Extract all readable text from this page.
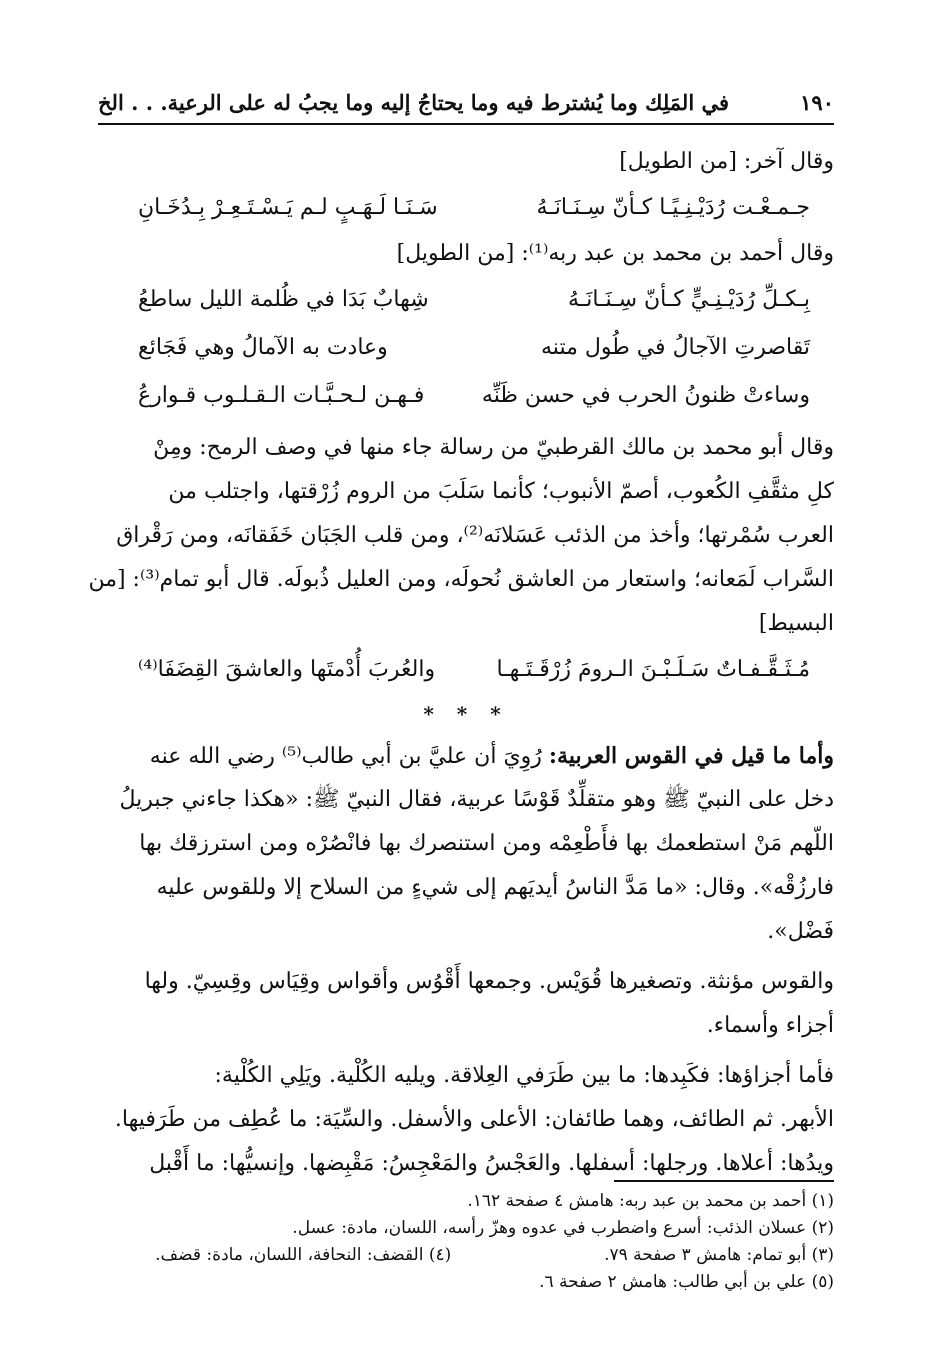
١٩٠
في المَلِك وما يُشترط فيه وما يحتاجُ إليه وما يجبُ له على الرعية. . . الخ

وقال آخر: [من الطويل]

جـمـعْـت رُدَيْـنِـيًـا كـأنّ سِـنَـانَـهُ
سَـنَـا لَـهَـبٍ لـم يَـسْـتَـعِـرْ بِـدُخَـانِ

وقال أحمد بن محمد بن عبد ربه⁽¹⁾: [من الطويل]

بِـكـلِّ رُدَيْـنِـيٍّ كـأنّ سِـنَـانَـهُ
شِهابٌ بَدَا في ظُلمة الليل ساطعُ
تَقاصرتِ الآجالُ في طُول متنه
وعادت به الآمالُ وهي فَجَائع
وساءتْ ظنونُ الحرب في حسن ظَنِّه
فـهـن لـحـبَّـات الـقـلـوب قـوارعُ

وقال أبو محمد بن مالك القرطبيّ من رسالة جاء منها في وصف الرمح: ومِنْ

كلِ مثقَّفِ الكُعوب، أصمّ الأنبوب؛ كأنما سَلَبَ من الروم زُرْقتها، واجتلب من

العرب سُمْرتها؛ وأخذ من الذئب عَسَلانَه⁽²⁾، ومن قلب الجَبَان خَفَقانَه، ومن رَقْراق

السَّراب لَمَعانه؛ واستعار من العاشق نُحولَه، ومن العليل ذُبولَه. قال أبو تمام⁽³⁾: [من

البسيط]

مُـثَـقَّـفـاتٌ سَـلَـبْـنَ الـرومَ زُرْقَـتَـهـا
والعُربَ أُدْمتَها والعاشقَ القِضَفَا⁽⁴⁾
* * *

وأما ما قيل في القوس العربية: رُوِيَ أن عليَّ بن أبي طالب⁽⁵⁾ رضي الله عنه

دخل على النبيّ ﷺ وهو متقلِّدٌ قَوْسًا عربية، فقال النبيّ ﷺ: «هكذا جاءني جبريلُ

اللّهم مَنْ استطعمك بها فأَطْعِمْه ومن استنصرك بها فانْصُرْه ومن استرزقك بها

فارزُقْه». وقال: «ما مَدَّ الناسُ أيديَهم إلى شيءٍ من السلاح إلا وللقوس عليه

فَضْل».

والقوس مؤنثة. وتصغيرها قُوَيْس. وجمعها أَقْوُس وأقواس وقِيَاس وقِسِيّ. ولها

أجزاء وأسماء.

فأما أجزاؤها: فكَبِدها: ما بين طَرَفي العِلاقة. ويليه الكُلْية. ويَلِي الكُلْية:

الأبهر. ثم الطائف، وهما طائفان: الأعلى والأسفل. والسِّيَة: ما عُطِف من طَرَفيها.

ويدُها: أعلاها. ورجلها: أسفلها. والعَجْسُ والمَعْجِسُ: مَقْبِضها. وإنسيُّها: ما أَقْبل

(١) أحمد بن محمد بن عبد ربه: هامش ٤ صفحة ١٦٢.
(٢) عسلان الذئب: أسرع واضطرب في عدوه وهزّ رأسه، اللسان، مادة: عسل.
(٣) أبو تمام: هامش ٣ صفحة ٧٩.
(٤) القضف: النحافة، اللسان، مادة: قضف.
(٥) علي بن أبي طالب: هامش ٢ صفحة ٦.
